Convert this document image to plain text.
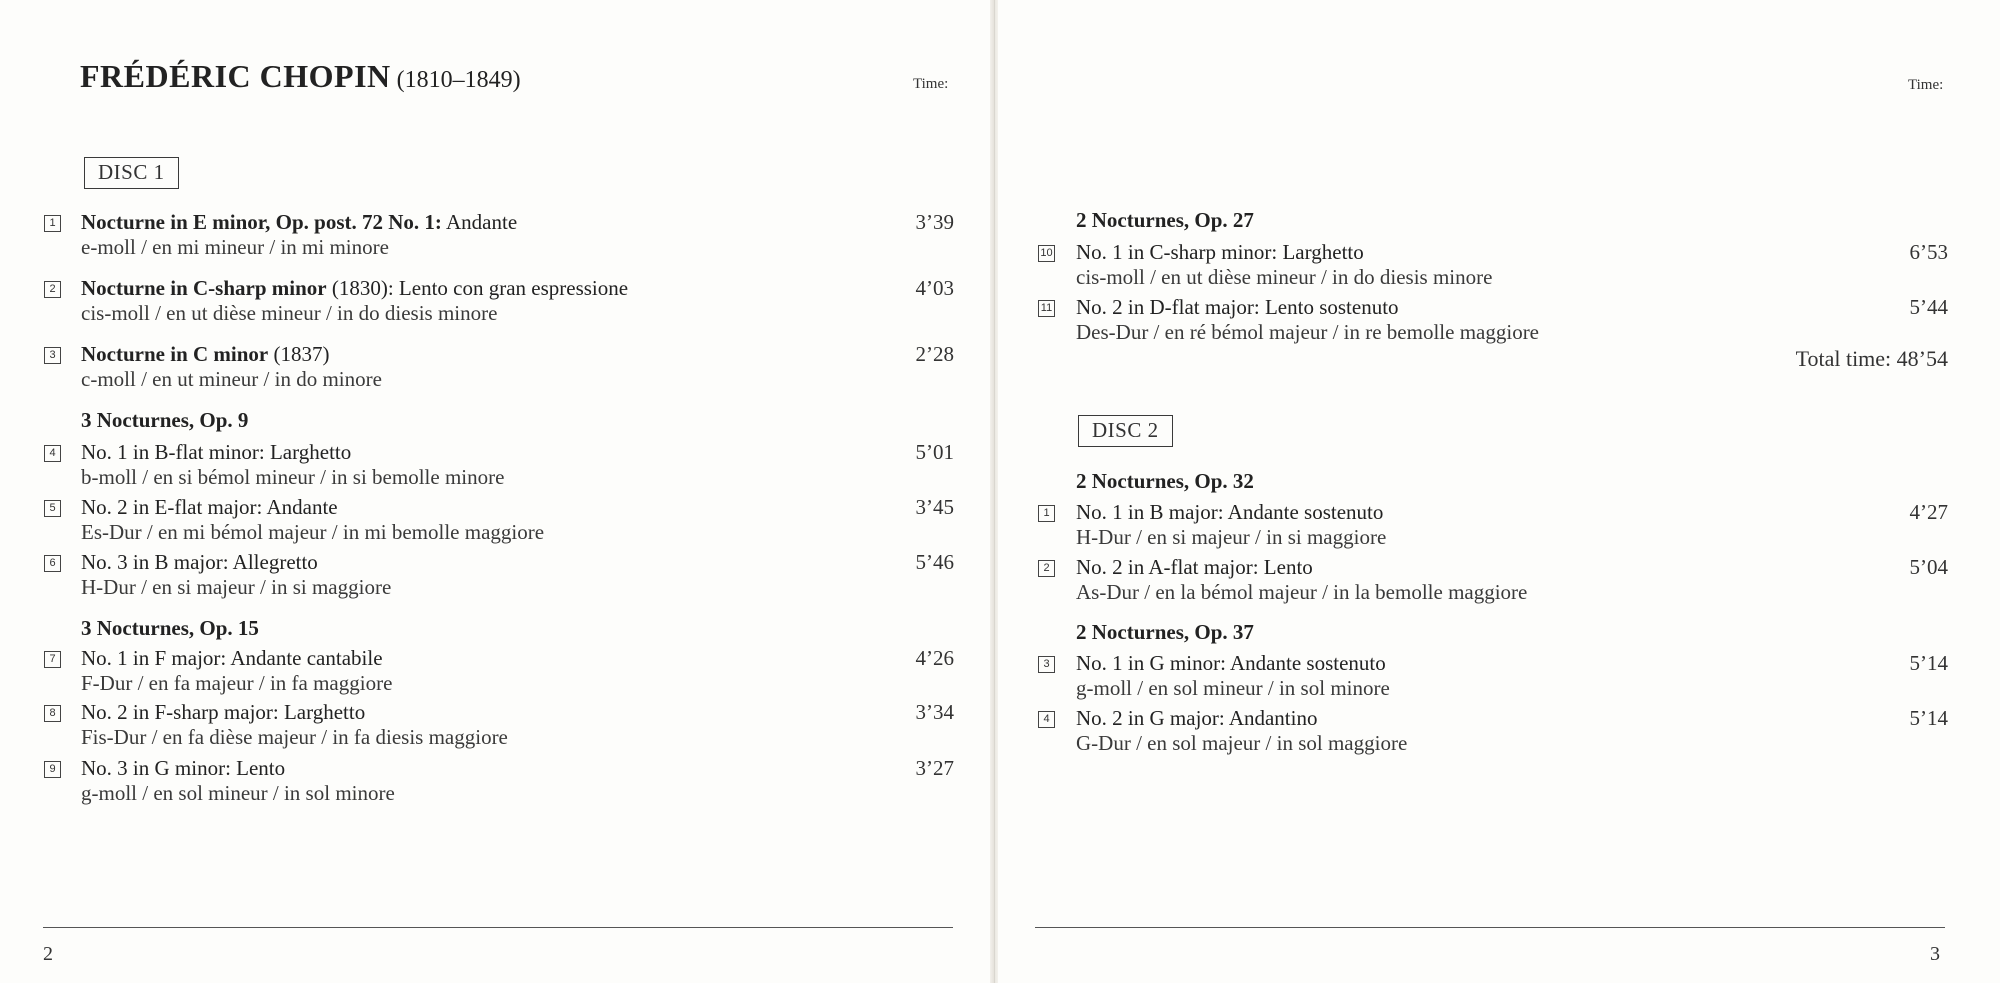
FRÉDÉRIC CHOPIN (1810–1849)	Time:
DISC 1
3 Nocturnes, Op. 9
3 Nocturnes, Op. 15
1 Nocturne in E minor, Op. post. 72 No. 1: Andante
e-moll / en mi mineur / in mi minore
3’39
2 Nocturne in C-sharp minor (1830): Lento con gran espressione
cis-moll / en ut dièse mineur / in do diesis minore
4’03
3 Nocturne in C minor (1837)
c-moll / en ut mineur / in do minore
2’28
4 No. 1 in B-flat minor: Larghetto
b-moll / en si bémol mineur / in si bemolle minore
5’01
5 No. 2 in E-flat major: Andante
Es-Dur / en mi bémol majeur / in mi bemolle maggiore
3’45
6 No. 3 in B major: Allegretto
H-Dur / en si majeur / in si maggiore
5’46
7 No. 1 in F major: Andante cantabile
F-Dur / en fa majeur / in fa maggiore
4’26
8 No. 2 in F-sharp major: Larghetto
Fis-Dur / en fa dièse majeur / in fa diesis maggiore
3’34
9 No. 3 in G minor: Lento
g-moll / en sol mineur / in sol minore
3’27
2
Time:
2 Nocturnes, Op. 27
Total time: 48’54
DISC 2
2 Nocturnes, Op. 32
2 Nocturnes, Op. 37
10 No. 1 in C-sharp minor: Larghetto
cis-moll / en ut dièse mineur / in do diesis minore
6’53
11 No. 2 in D-flat major: Lento sostenuto
Des-Dur / en ré bémol majeur / in re bemolle maggiore
5’44
1 No. 1 in B major: Andante sostenuto
H-Dur / en si majeur / in si maggiore
4’27
2 No. 2 in A-flat major: Lento
As-Dur / en la bémol majeur / in la bemolle maggiore
5’04
3 No. 1 in G minor: Andante sostenuto
g-moll / en sol mineur / in sol minore
5’14
4 No. 2 in G major: Andantino
G-Dur / en sol majeur / in sol maggiore
5’14
3
